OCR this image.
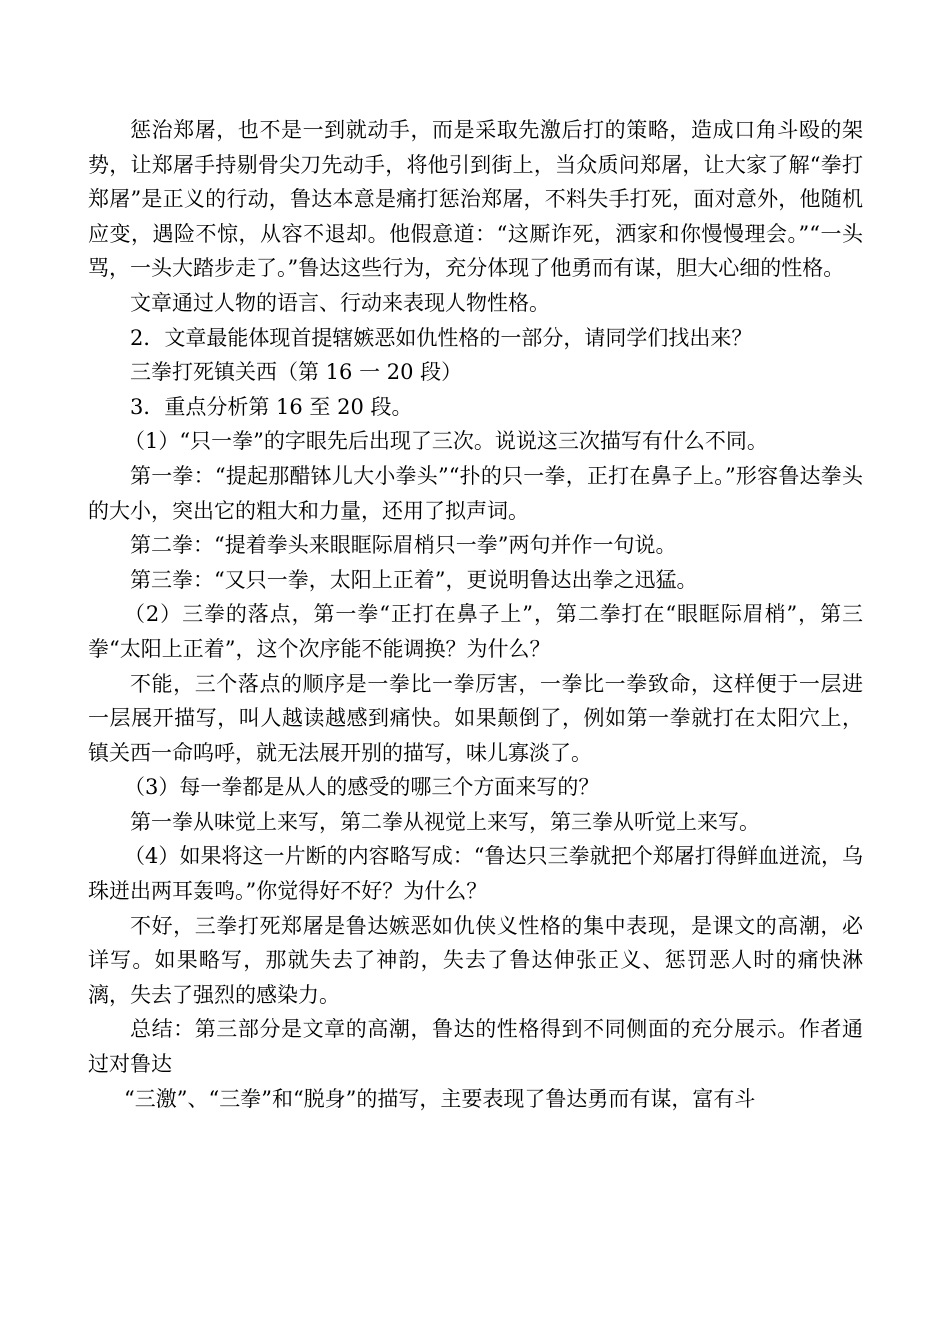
惩治郑屠，也不是一到就动手，而是采取先激后打的策略，造成口角斗殴的架势，让郑屠手持剔骨尖刀先动手，将他引到街上，当众质问郑屠，让大家了解“拳打郑屠”是正义的行动，鲁达本意是痛打惩治郑屠，不料失手打死，面对意外，他随机应变，遇险不惊，从容不退却。他假意道：“这厮诈死，洒家和你慢慢理会。”“一头骂，一头大踏步走了。”鲁达这些行为，充分体现了他勇而有谋，胆大心细的性格。

文章通过人物的语言、行动来表现人物性格。

2．文章最能体现首提辖嫉恶如仇性格的一部分，请同学们找出来？

三拳打死镇关西（第 16 一 20 段）

3．重点分析第 16 至 20 段。

（1）“只一拳”的字眼先后出现了三次。说说这三次描写有什么不同。

第一拳：“提起那醋钵儿大小拳头”“扑的只一拳，正打在鼻子上。”形容鲁达拳头的大小，突出它的粗大和力量，还用了拟声词。

第二拳：“提着拳头来眼眶际眉梢只一拳”两句并作一句说。

第三拳：“又只一拳，太阳上正着”，更说明鲁达出拳之迅猛。

（2）三拳的落点，第一拳“正打在鼻子上”，第二拳打在“眼眶际眉梢”，第三拳“太阳上正着”，这个次序能不能调换？为什么？

不能，三个落点的顺序是一拳比一拳厉害，一拳比一拳致命，这样便于一层进一层展开描写，叫人越读越感到痛快。如果颠倒了，例如第一拳就打在太阳穴上，镇关西一命呜呼，就无法展开别的描写，味儿寡淡了。

（3）每一拳都是从人的感受的哪三个方面来写的？

第一拳从味觉上来写，第二拳从视觉上来写，第三拳从听觉上来写。

（4）如果将这一片断的内容略写成：“鲁达只三拳就把个郑屠打得鲜血迸流，乌珠迸出两耳轰鸣。”你觉得好不好？为什么？

不好，三拳打死郑屠是鲁达嫉恶如仇侠义性格的集中表现，是课文的高潮，必详写。如果略写，那就失去了神韵，失去了鲁达伸张正义、惩罚恶人时的痛快淋漓，失去了强烈的感染力。

总结：第三部分是文章的高潮，鲁达的性格得到不同侧面的充分展示。作者通过对鲁达

“三激”、“三拳”和“脱身”的描写，主要表现了鲁达勇而有谋，富有斗
